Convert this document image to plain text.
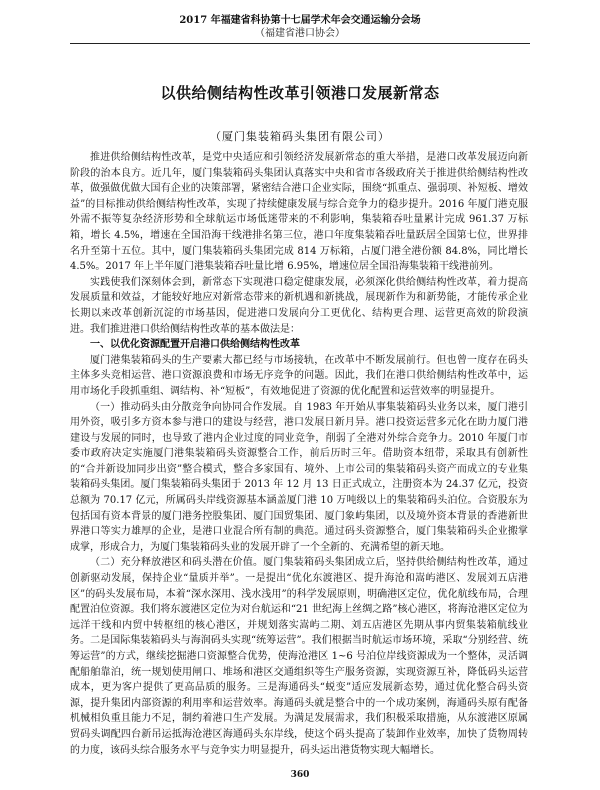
2017 年福建省科协第十七届学术年会交通运输分会场
（福建省港口协会）
以供给侧结构性改革引领港口发展新常态
（厦门集装箱码头集团有限公司）

推进供给侧结构性改革，是党中央适应和引领经济发展新常态的重大举措，是港口改革发展迈向新阶段的治本良方。近几年，厦门集装箱码头集团认真落实中央和省市各级政府关于推进供给侧结构性改革，做强做优做大国有企业的决策部署，紧密结合港口企业实际，围绕“抓重点、强弱项、补短板、增效益”的目标推动供给侧结构性改革，实现了持续健康发展与综合竞争力的稳步提升。2016 年厦门港克服外需不振等复杂经济形势和全球航运市场低迷带来的不利影响，集装箱吞吐量累计完成 961.37 万标箱，增长 4.5%，增速在全国沿海干线港排名第三位，港口年度集装箱吞吐量跃居全国第七位，世界排名升至第十五位。其中，厦门集装箱码头集团完成 814 万标箱，占厦门港全港份额 84.8%，同比增长 4.5%。2017 年上半年厦门港集装箱吞吐量比增 6.95%，增速位居全国沿海集装箱干线港前列。

实践使我们深刻体会到，新常态下实现港口稳定健康发展，必须深化供给侧结构性改革，着力提高发展质量和效益，才能较好地应对新常态带来的新机遇和新挑战，展现新作为和新势能，才能传承企业长期以来改革创新沉淀的市场基因，促进港口发展向分工更优化、结构更合理、运营更高效的阶段演进。我们推进港口供给侧结构性改革的基本做法是：

一、以优化资源配置开启港口供给侧结构性改革

厦门港集装箱码头的生产要素大都已经与市场接轨，在改革中不断发展前行。但也曾一度存在码头主体多头竞相运营、港口资源浪费和市场无序竞争的问题。因此，我们在港口供给侧结构性改革中，运用市场化手段抓重组、调结构、补“短板”，有效地促进了资源的优化配置和运营效率的明显提升。

（一）推动码头由分散竞争向协同合作发展。自 1983 年开始从事集装箱码头业务以来，厦门港引用外资，吸引多方资本参与港口的建设与经营，港口发展日新月异。港口投资运营多元化在助力厦门港建设与发展的同时，也导致了港内企业过度的同业竞争，削弱了全港对外综合竞争力。2010 年厦门市委市政府决定实施厦门港集装箱码头资源整合工作，前后历时三年。借助资本纽带，采取具有创新性的“合并新设加同步出资”整合模式，整合多家国有、境外、上市公司的集装箱码头资产而成立的专业集装箱码头集团。厦门集装箱码头集团于 2013 年 12 月 13 日正式成立，注册资本为 24.37 亿元，投资总额为 70.17 亿元，所属码头岸线资源基本涵盖厦门港 10 万吨级以上的集装箱码头泊位。合资股东为包括国有资本背景的厦门港务控股集团、厦门国贸集团、厦门象屿集团，以及境外资本背景的香港新世界港口等实力雄厚的企业，是港口业混合所有制的典范。通过码头资源整合，厦门集装箱码头企业搬掌成掌，形成合力，为厦门集装箱码头业的发展开辟了一个全新的、充满希望的新天地。

（二）充分释放港区和码头潜在价值。厦门集装箱码头集团成立后，坚持供给侧结构性改革，通过创新驱动发展，保持企业“量质并举”。一是提出“优化东渡港区、提升海沧和嵩屿港区、发展刘五店港区”的码头发展布局，本着“深水深用、浅水浅用”的科学发展原则，明确港区定位，优化航线布局，合理配置泊位资源。我们将东渡港区定位为对台航运和“21 世纪海上丝绸之路”核心港区，将海沧港区定位为远洋干线和内贸中转枢纽的核心港区，并规划落实嵩屿二期、刘五店港区先期从事内贸集装箱航线业务。二是国际集装箱码头与海润码头实现“统筹运营”。我们根据当时航运市场环境，采取“分别经营、统筹运营”的方式，继续挖掘港口资源整合优势，使海沧港区 1~6 号泊位岸线资源成为一个整体，灵活调配船舶靠泊，统一规划使用闸口、堆场和港区交通组织等生产服务资源，实现资源互补，降低码头运营成本，更为客户提供了更高品质的服务。三是海通码头“蜕变”适应发展新态势，通过优化整合码头资源，提升集团内部资源的利用率和运营效率。海通码头就是整合中的一个成功案例，海通码头原有配备机械相负重且能力不足，制约着港口生产发展。为满足发展需求，我们积极采取措施，从东渡港区原属贸码头调配四台新吊运抵海沧港区海通码头东岸线，使这个码头提高了装卸作业效率，加快了货物周转的力度，该码头综合服务水平与竞争实力明显提升，码头运出港货物实现大幅增长。

360
